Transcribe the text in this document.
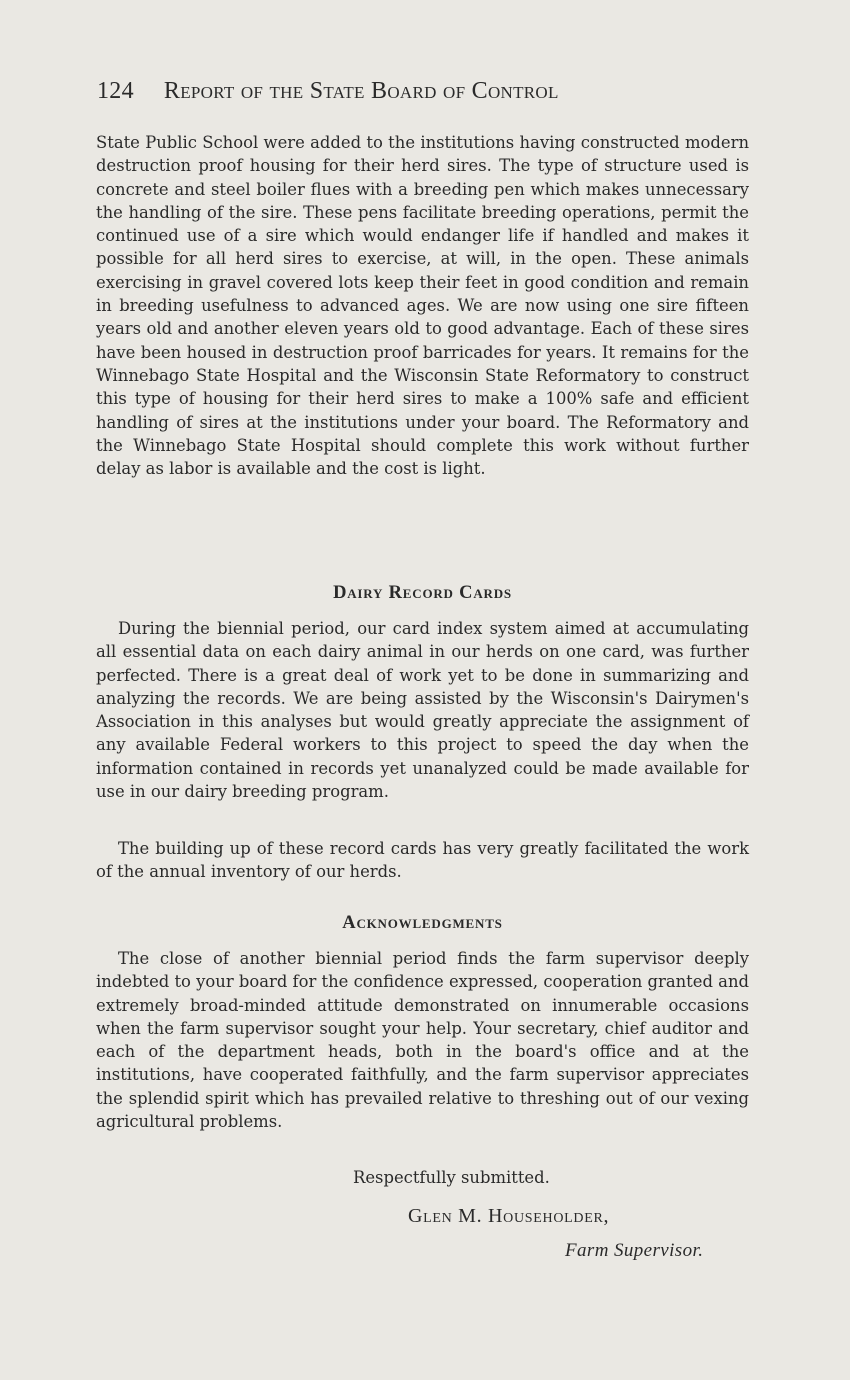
124 Report of the State Board of Control

State Public School were added to the institutions having constructed modern destruction proof housing for their herd sires. The type of structure used is concrete and steel boiler flues with a breeding pen which makes unnecessary the handling of the sire. These pens facilitate breeding operations, permit the continued use of a sire which would endanger life if handled and makes it possible for all herd sires to exercise, at will, in the open. These animals exercising in gravel covered lots keep their feet in good condition and remain in breeding usefulness to advanced ages. We are now using one sire fifteen years old and another eleven years old to good advantage. Each of these sires have been housed in destruction proof barricades for years. It remains for the Winnebago State Hospital and the Wisconsin State Reformatory to construct this type of housing for their herd sires to make a 100% safe and efficient handling of sires at the institutions under your board. The Reformatory and the Winnebago State Hospital should complete this work without further delay as labor is available and the cost is light.

Dairy Record Cards

During the biennial period, our card index system aimed at accumulating all essential data on each dairy animal in our herds on one card, was further perfected. There is a great deal of work yet to be done in summarizing and analyzing the records. We are being assisted by the Wisconsin's Dairymen's Association in this analyses but would greatly appreciate the assignment of any available Federal workers to this project to speed the day when the information contained in records yet unanalyzed could be made available for use in our dairy breeding program.

The building up of these record cards has very greatly facilitated the work of the annual inventory of our herds.

Acknowledgments

The close of another biennial period finds the farm supervisor deeply indebted to your board for the confidence expressed, cooperation granted and extremely broad-minded attitude demonstrated on innumerable occasions when the farm supervisor sought your help. Your secretary, chief auditor and each of the department heads, both in the board's office and at the institutions, have cooperated faithfully, and the farm supervisor appreciates the splendid spirit which has prevailed relative to threshing out of our vexing agricultural problems.

Respectfully submitted.
Glen M. Householder,
Farm Supervisor.
